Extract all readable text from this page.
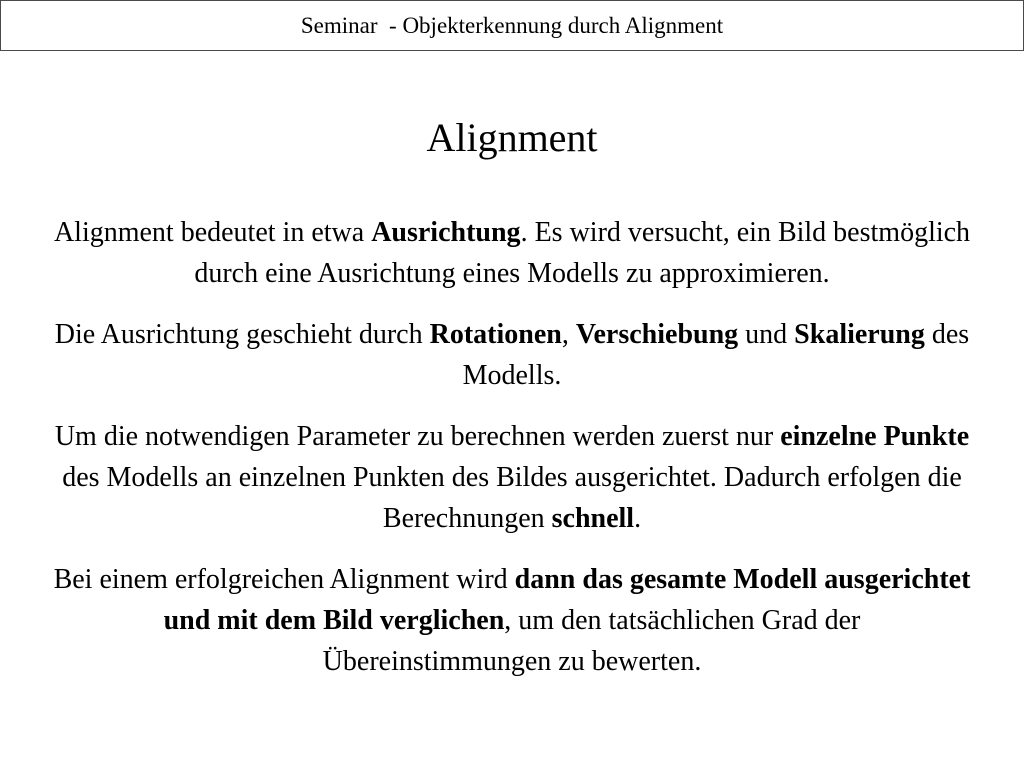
Seminar  - Objekterkennung durch Alignment
Alignment

Alignment bedeutet in etwa Ausrichtung. Es wird versucht, ein Bild bestmöglich durch eine Ausrichtung eines Modells zu approximieren.

Die Ausrichtung geschieht durch Rotationen, Verschiebung und Skalierung des Modells.

Um die notwendigen Parameter zu berechnen werden zuerst nur einzelne Punkte des Modells an einzelnen Punkten des Bildes ausgerichtet. Dadurch erfolgen die Berechnungen schnell.

Bei einem erfolgreichen Alignment wird dann das gesamte Modell ausgerichtet und mit dem Bild verglichen, um den tatsächlichen Grad der Übereinstimmungen zu bewerten.
